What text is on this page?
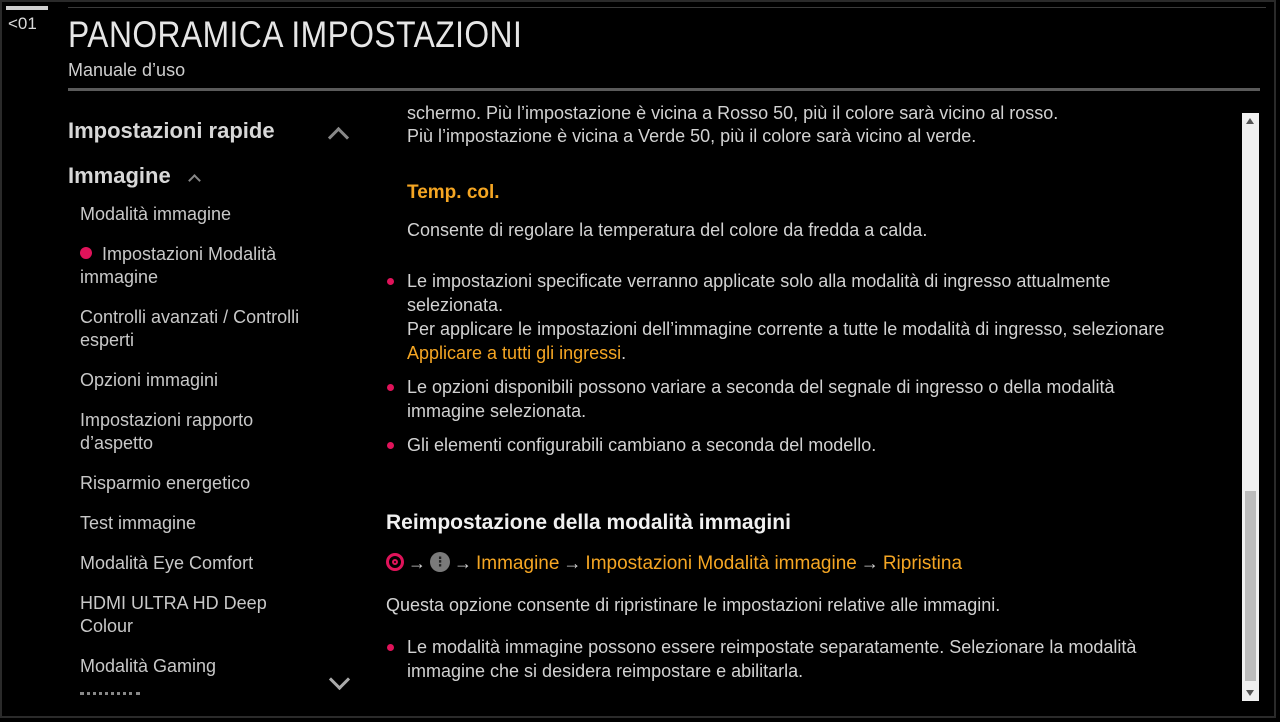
<01 PANORAMICA IMPOSTAZIONI
Manuale d’uso
Impostazioni rapide
Immagine
Modalità immagine
Impostazioni Modalità immagine
Controlli avanzati / Controlli esperti
Opzioni immagini
Impostazioni rapporto d’aspetto
Risparmio energetico
Test immagine
Modalità Eye Comfort
HDMI ULTRA HD Deep Colour
Modalità Gaming
schermo. Più l’impostazione è vicina a Rosso 50, più il colore sarà vicino al rosso.
Più l’impostazione è vicina a Verde 50, più il colore sarà vicino al verde.
Temp. col.
Consente di regolare la temperatura del colore da fredda a calda.
Le impostazioni specificate verranno applicate solo alla modalità di ingresso attualmente selezionata.
Per applicare le impostazioni dell’immagine corrente a tutte le modalità di ingresso, selezionare Applicare a tutti gli ingressi.
Le opzioni disponibili possono variare a seconda del segnale di ingresso o della modalità immagine selezionata.
Gli elementi configurabili cambiano a seconda del modello.
Reimpostazione della modalità immagini
→ ⋮ → Immagine → Impostazioni Modalità immagine → Ripristina
Questa opzione consente di ripristinare le impostazioni relative alle immagini.
Le modalità immagine possono essere reimpostate separatamente. Selezionare la modalità immagine che si desidera reimpostare e abilitarla.
